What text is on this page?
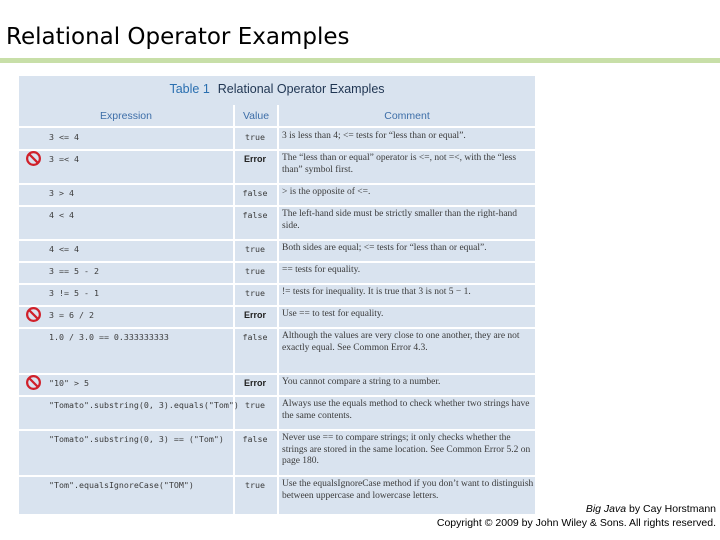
Relational Operator Examples
Table 1 Relational Operator Examples
Expression	Value	Comment
3 <= 4	true	3 is less than 4; <= tests for “less than or equal”.
3 =< 4	Error	The “less than or equal” operator is <=, not =<, with the “less than” symbol first.
3 > 4	false	> is the opposite of <=.
4 < 4	false	The left-hand side must be strictly smaller than the right-hand side.
4 <= 4	true	Both sides are equal; <= tests for “less than or equal”.
3 == 5 - 2	true	== tests for equality.
3 != 5 - 1	true	!= tests for inequality. It is true that 3 is not 5 − 1.
3 = 6 / 2	Error	Use == to test for equality.
1.0 / 3.0 == 0.333333333	false	Although the values are very close to one another, they are not exactly equal. See Common Error 4.3.
"10" > 5	Error	You cannot compare a string to a number.
"Tomato".substring(0, 3).equals("Tom") true	Always use the equals method to check whether two strings have the same contents.
"Tomato".substring(0, 3) == ("Tom")	false	Never use == to compare strings; it only checks whether the strings are stored in the same location. See Common Error 5.2 on page 180.
"Tom".equalsIgnoreCase("TOM")	true	Use the equalsIgnoreCase method if you don’t want to distinguish between uppercase and lowercase letters.
Big Java by Cay Horstmann
Copyright © 2009 by John Wiley & Sons. All rights reserved.
